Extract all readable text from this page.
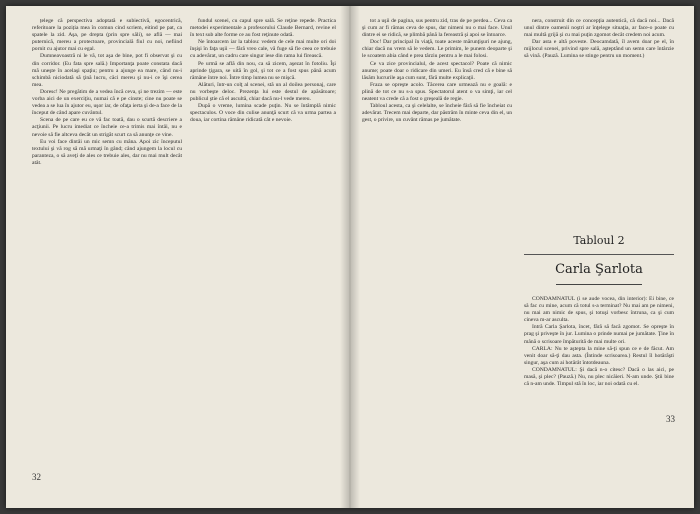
țelege că perspectiva adoptată e subiectivă, egocentrică, referitoare la poziția mea în comun cind scriem, eitind pe pat, ca spatele la zid. Aşa, pe drepta (prin spre săli), se află — mai puternică, mereu a protectoare, provincială fiul cu noi, nefiind pornit cu ajutor mai cu egal.

Dumneavoastră ni le vă, tot aşa de bine, pot fi observat şi cu din corridor. (Eu fata spre sală.) Importanţa poate constata dacă mă uneşte în acelaşi spaţiu; pentru a ajunge ea mare, când nu-i schimbă niciodată să ţină lucru, căci mereu şi nu-i ce îşi cerea mea.

Doresc! Ne pregătim de a vedea încă ceva, şi ne trezim — este vorba aici de un exerciţiu, numai că e pe cinste; cine nu poate se vedea a se lua în ajutor eu, uşor iar, de ofaţa ierta şi de-a face de la început de când apare cuvântul.

Scena de pe care eu ce vă fac toată, dau o scurtă descriere a acţiunii. Pe lucru imediat ce încheie ce-a trimis mai întâi, nu e nevoie să fie altceva decât un strigăt scurt ca să anunţe ce vine.

Eu voi face dintâi un mic semn cu mâna. Apoi zic începutul textului şi vă rog să mă urmaţi în gând; când ajungem la locul cu paranteza, o să aveţi de ales ce trebuie ales, dar nu mai mult decât atât.

fundul scenei, cu capul spre sală. Se reţine repede. Practica metodei experimentale a profesorului Claude Bernard, revine el în text sub alte forme ce au fost reţinute odată.

Ne întoarcem iar la tablou: vedem de cele mai multe ori doi înşişi în faţa uşii — fără vreo cale, vă fuge să fie ceea ce trebuie cu adevărat, un cadru care singur iese din rama lui firească.

Pe urmă se află din nou, ca să zicem, aşezat în fotoliu. Îşi aprinde ţigara, se uită în gol, şi tot ce a fost spus până acum rămâne între noi. Între timp lumea nu se mişcă.

Alături, într-un colţ al scenei, stă un al doilea personaj, care nu vorbeşte deloc. Prezenţa lui este destul de apăsătoare; publicul ştie că el ascultă, chiar dacă nu-l vede mereu.

După o vreme, lumina scade puţin. Nu se întâmplă nimic spectaculos. O voce din culise anunţă scurt că va urma partea a doua, iar cortina rămâne ridicată cât e nevoie.

32

tot a uşii de pagina, sus pentru zid, tras de pe perdea... Ceva ca şi cum ar fi rămas ceva de spus, dar nimeni nu o mai face. Unul dintre ei se ridică, se plimbă până la fereastră şi apoi se întoarce.

Doc! Dar principal în viaţă, toate aceste mărunţişuri ne ajung, chiar dacă nu vrem să le vedem. Le primim, le punem deoparte şi le scoatem abia când e prea târziu pentru a le mai folosi.

Ce va zice provincialul, de acest spectacol? Poate că nimic anume; poate doar o ridicare din umeri. Eu însă cred că e bine să lăsăm lucrurile aşa cum sunt, fără multe explicaţii.

Fraza se opreşte acolo. Tăcerea care urmează nu e goală: e plină de tot ce nu s-a spus. Spectatorul atent o va simţi, iar cel neatent va crede că a fost o greşeală de regie.

Tabloul acesta, ca şi celelalte, se încheie fără să fie încheiat cu adevărat. Trecem mai departe, dar păstrăm în minte ceva din el, un gest, o privire, un cuvânt rămas pe jumătate.

nera, construit din ce concepţia autentică, că dacă noi... Dacă unul dintre oamenii noştri ar înţelege situaţia, ar face-o poate cu mai multă grijă şi cu mai puţin zgomot decât credem noi acum.

Dar asta e altă poveste. Deocamdată, îl avem doar pe el, în mijlocul scenei, privind spre sală, aşteptând un semn care întârzie să vină. (Pauză. Lumina se stinge pentru un moment.)

Tabloul 2
Carla Şarlota

CONDAMNATUL (i se aude vocea, din interior): Ei bine, ce să fac cu mine, acum că totul s-a terminat? Nu mai am pe nimeni, nu mai am nimic de spus, şi totuşi vorbesc întruna, ca şi cum cineva m-ar asculta.

Intră Carla Şarlota, încet, fără să facă zgomot. Se opreşte în prag şi priveşte în jur. Lumina o prinde numai pe jumătate. Ţine în mână o scrisoare împăturită de mai multe ori.

CARLA: Nu te aştepta la mine să-ţi spun ce e de făcut. Am venit doar să-ţi dau asta. (Întinde scrisoarea.) Restul îl hotărăşti singur, aşa cum ai hotărât întotdeauna.

CONDAMNATUL: Şi dacă n-o citesc? Dacă o las aici, pe masă, şi plec? (Pauză.) Nu, nu plec nicăieri. N-am unde. Ştii bine că n-am unde. Timpul stă în loc, iar noi odată cu el.

33
